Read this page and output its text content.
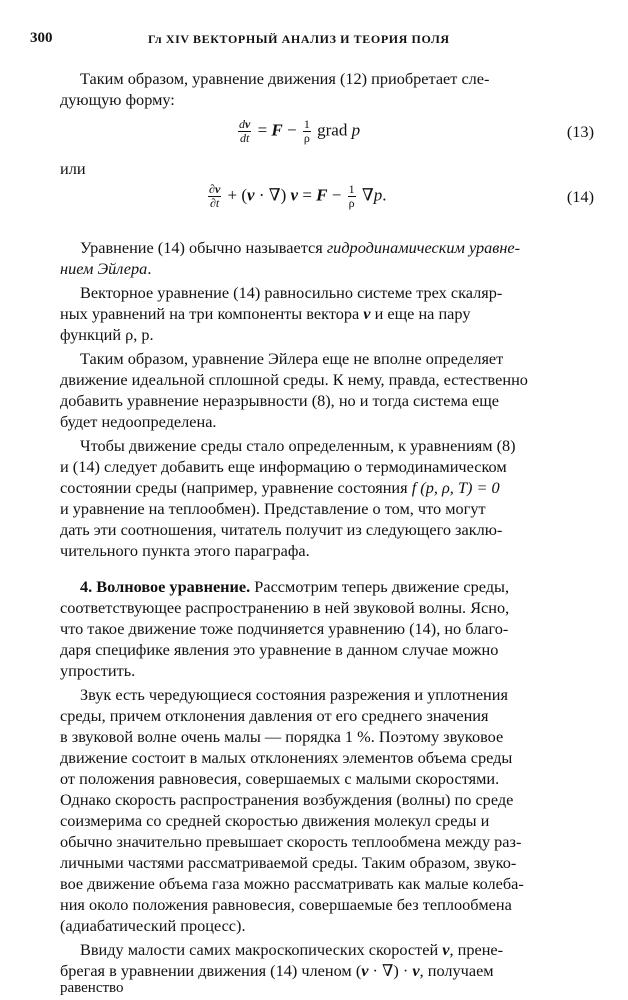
300	Гл XIV ВЕКТОРНЫЙ АНАЛИЗ И ТЕОРИЯ ПОЛЯ
Таким образом, уравнение движения (12) приобретает сле-
дующую форму:
$\frac{dv}{dt} = F - \frac{1}{\rho}$ grad p	(13)
или
$\frac{\partial v}{\partial t} + (v$ · ∇) $v = F - \frac{1}{\rho} \nabla p$.	(14)
Уравнение (14) обычно называется гидродинамическим уравне-
нием Эйлера.
Векторное уравнение (14) равносильно системе трех скаляр-
ных уравнений на три компоненты вектора v и еще на пару
функций ρ, p.
Таким образом, уравнение Эйлера еще не вполне определяет
движение идеальной сплошной среды. К нему, правда, естественно
добавить уравнение неразрывности (8), но и тогда система еще
будет недоопределена.
Чтобы движение среды стало определенным, к уравнениям (8)
и (14) следует добавить еще информацию о термодинамическом
состоянии среды (например, уравнение состояния f (p, ρ, T) = 0
и уравнение на теплообмен). Представление о том, что могут
дать эти соотношения, читатель получит из следующего заклю-
чительного пункта этого параграфа.
4. Волновое уравнение. Рассмотрим теперь движение среды,
соответствующее распространению в ней звуковой волны. Ясно,
что такое движение тоже подчиняется уравнению (14), но благо-
даря специфике явления это уравнение в данном случае можно
упростить.
Звук есть чередующиеся состояния разрежения и уплотнения
среды, причем отклонения давления от его среднего значения
в звуковой волне очень малы — порядка 1 %. Поэтому звуковое
движение состоит в малых отклонениях элементов объема среды
от положения равновесия, совершаемых с малыми скоростями.
Однако скорость распространения возбуждения (волны) по среде
соизмерима со средней скоростью движения молекул среды и
обычно значительно превышает скорость теплообмена между раз-
личными частями рассматриваемой среды. Таким образом, звуко-
вое движение объема газа можно рассматривать как малые колеба-
ния около положения равновесия, совершаемые без теплообмена
(адиабатический процесс).
Ввиду малости самих макроскопических скоростей v, прене-
брегая в уравнении движения (14) членом (v · ∇) · v, получаем
равенство
